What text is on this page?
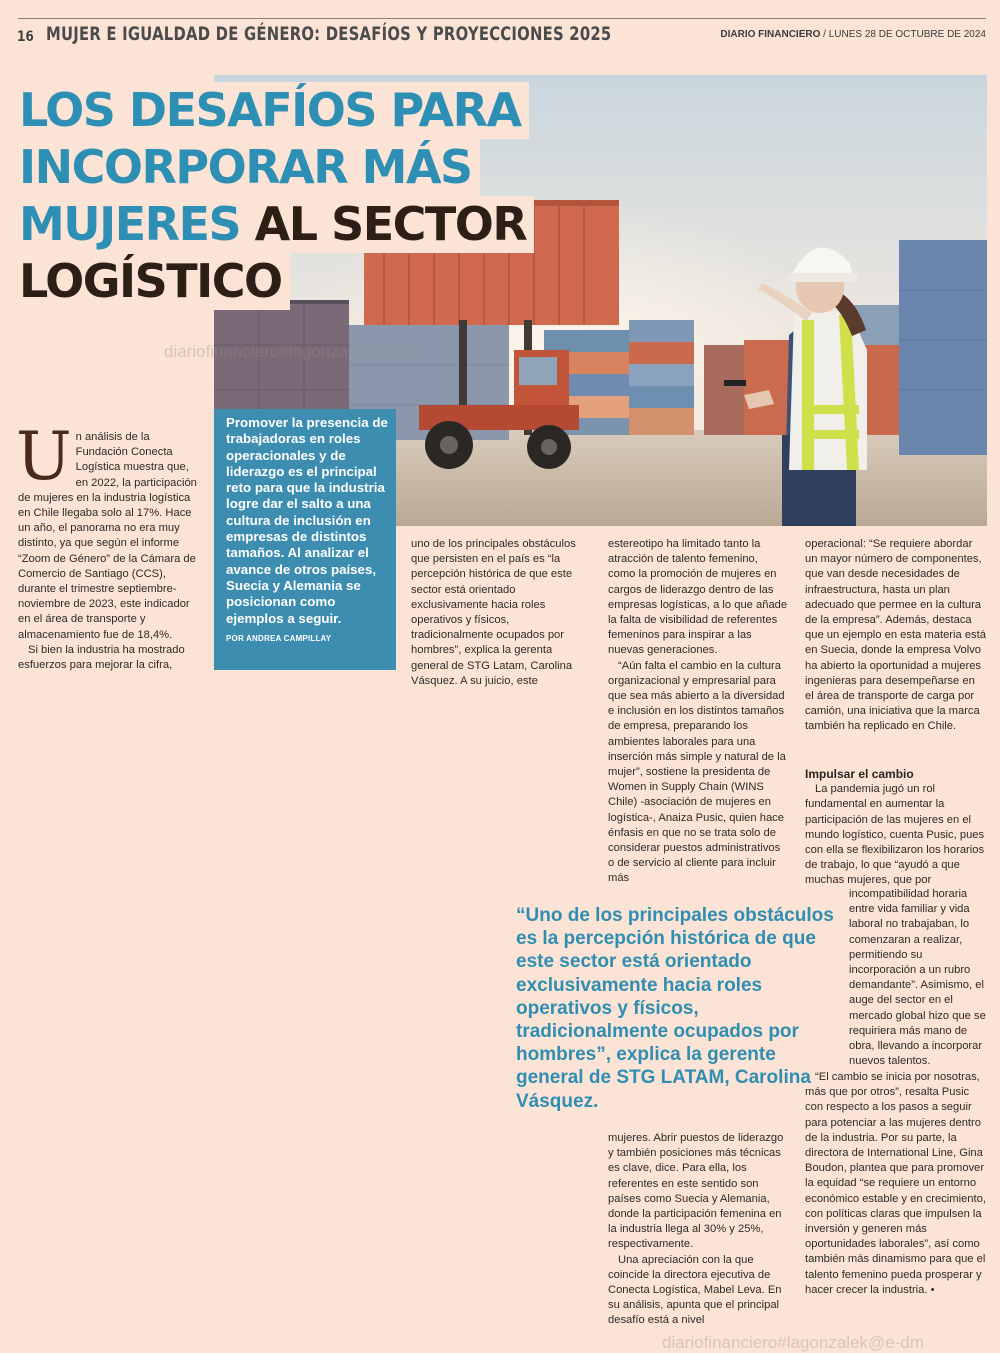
16 MUJER E IGUALDAD DE GÉNERO: DESAFÍOS Y PROYECCIONES 2025	DIARIO FINANCIERO / LUNES 28 DE OCTUBRE DE 2024
diariofinanciero#lagonzalek@e-dm
LOS DESAFÍOS PARA
INCORPORAR MÁS
MUJERES AL SECTOR
LOGÍSTICO

Promover la presencia de trabajadoras en roles operacionales y de liderazgo es el principal reto para que la industria logre dar el salto a una cultura de inclusión en empresas de distintos tamaños. Al analizar el avance de otros países, Suecia y Alemania se posicionan como ejemplos a seguir.

POR ANDREA CAMPILLAY

Un análisis de la Fundación Conecta Logística muestra que, en 2022, la participación de mujeres en la industria logística en Chile llegaba solo al 17%. Hace un año, el panorama no era muy distinto, ya que según el informe “Zoom de Género” de la Cámara de Comercio de Santiago (CCS), durante el trimestre septiembre-noviembre de 2023, este indicador en el área de transporte y almacenamiento fue de 18,4%.

Si bien la industria ha mostrado esfuerzos para mejorar la cifra,

uno de los principales obstáculos que persisten en el país es “la percepción histórica de que este sector está orientado exclusivamente hacia roles operativos y físicos, tradicionalmente ocupados por hombres”, explica la gerenta general de STG Latam, Carolina Vásquez. A su juicio, este

estereotipo ha limitado tanto la atracción de talento femenino, como la promoción de mujeres en cargos de liderazgo dentro de las empresas logísticas, a lo que añade la falta de visibilidad de referentes femeninos para inspirar a las nuevas generaciones.

“Aún falta el cambio en la cultura organizacional y empresarial para que sea más abierto a la diversidad e inclusión en los distintos tamaños de empresa, preparando los ambientes laborales para una inserción más simple y natural de la mujer”, sostiene la presidenta de Women in Supply Chain (WINS Chile) -asociación de mujeres en logística-, Anaiza Pusic, quien hace énfasis en que no se trata solo de considerar puestos administrativos o de servicio al cliente para incluir más

mujeres. Abrir puestos de liderazgo y también posiciones más técnicas es clave, dice. Para ella, los referentes en este sentido son países como Suecia y Alemania, donde la participación femenina en la industria llega al 30% y 25%, respectivamente.

Una apreciación con la que coincide la directora ejecutiva de Conecta Logística, Mabel Leva. En su análisis, apunta que el principal desafío está a nivel

operacional: “Se requiere abordar un mayor número de componentes, que van desde necesidades de infraestructura, hasta un plan adecuado que permee en la cultura de la empresa”. Además, destaca que un ejemplo en esta materia está en Suecia, donde la empresa Volvo ha abierto la oportunidad a mujeres ingenieras para desempeñarse en el área de transporte de carga por camión, una iniciativa que la marca también ha replicado en Chile.

Impulsar el cambio

La pandemia jugó un rol fundamental en aumentar la participación de las mujeres en el mundo logístico, cuenta Pusic, pues con ella se flexibilizaron los horarios de trabajo, lo que “ayudó a que muchas mujeres, que por

incompatibilidad horaria entre vida familiar y vida laboral no trabajaban, lo comenzaran a realizar, permitiendo su incorporación a un rubro demandante”. Asimismo, el auge del sector en el mercado global hizo que se requiriera más mano de obra, llevando a incorporar nuevos talentos.

“El cambio se inicia por nosotras, más que por otros”, resalta Pusic con respecto a los pasos a seguir para potenciar a las mujeres dentro de la industria. Por su parte, la directora de International Line, Gina Boudon, plantea que para promover la equidad “se requiere un entorno económico estable y en crecimiento, con políticas claras que impulsen la inversión y generen más oportunidades laborales”, así como también más dinamismo para que el talento femenino pueda prosperar y hacer crecer la industria. •

“Uno de los principales obstáculos es la percepción histórica de que este sector está orientado exclusivamente hacia roles operativos y físicos, tradicionalmente ocupados por hombres”, explica la gerente general de STG LATAM, Carolina Vásquez.

diariofinanciero#lagonzalek@e-dm
